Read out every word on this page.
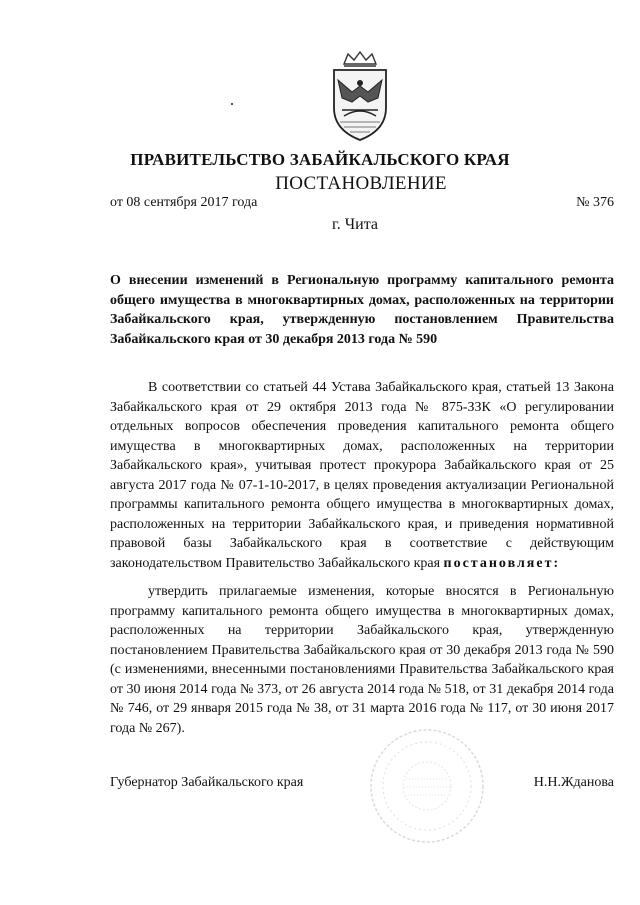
ПРАВИТЕЛЬСТВО ЗАБАЙКАЛЬСКОГО КРАЯ
ПОСТАНОВЛЕНИЕ
от 08 сентября 2017 года	№ 376
г. Чита
О внесении изменений в Региональную программу капитального ремонта общего имущества в многоквартирных домах, расположенных на территории Забайкальского края, утвержденную постановлением Правительства Забайкальского края от 30 декабря 2013 года № 590
В соответствии со статьей 44 Устава Забайкальского края, статьей 13 Закона Забайкальского края от 29 октября 2013 года № 875-ЗЗК «О регулировании отдельных вопросов обеспечения проведения капитального ремонта общего имущества в многоквартирных домах, расположенных на территории Забайкальского края», учитывая протест прокурора Забайкальского края от 25 августа 2017 года № 07-1-10-2017, в целях проведения актуализации Региональной программы капитального ремонта общего имущества в многоквартирных домах, расположенных на территории Забайкальского края, и приведения нормативной правовой базы Забайкальского края в соответствие с действующим законодательством Правительство Забайкальского края постановляет:
утвердить прилагаемые изменения, которые вносятся в Региональную программу капитального ремонта общего имущества в многоквартирных домах, расположенных на территории Забайкальского края, утвержденную постановлением Правительства Забайкальского края от 30 декабря 2013 года № 590 (с изменениями, внесенными постановлениями Правительства Забайкальского края от 30 июня 2014 года № 373, от 26 августа 2014 года № 518, от 31 декабря 2014 года № 746, от 29 января 2015 года № 38, от 31 марта 2016 года № 117, от 30 июня 2017 года № 267).
Губернатор Забайкальского края	Н.Н.Жданова
